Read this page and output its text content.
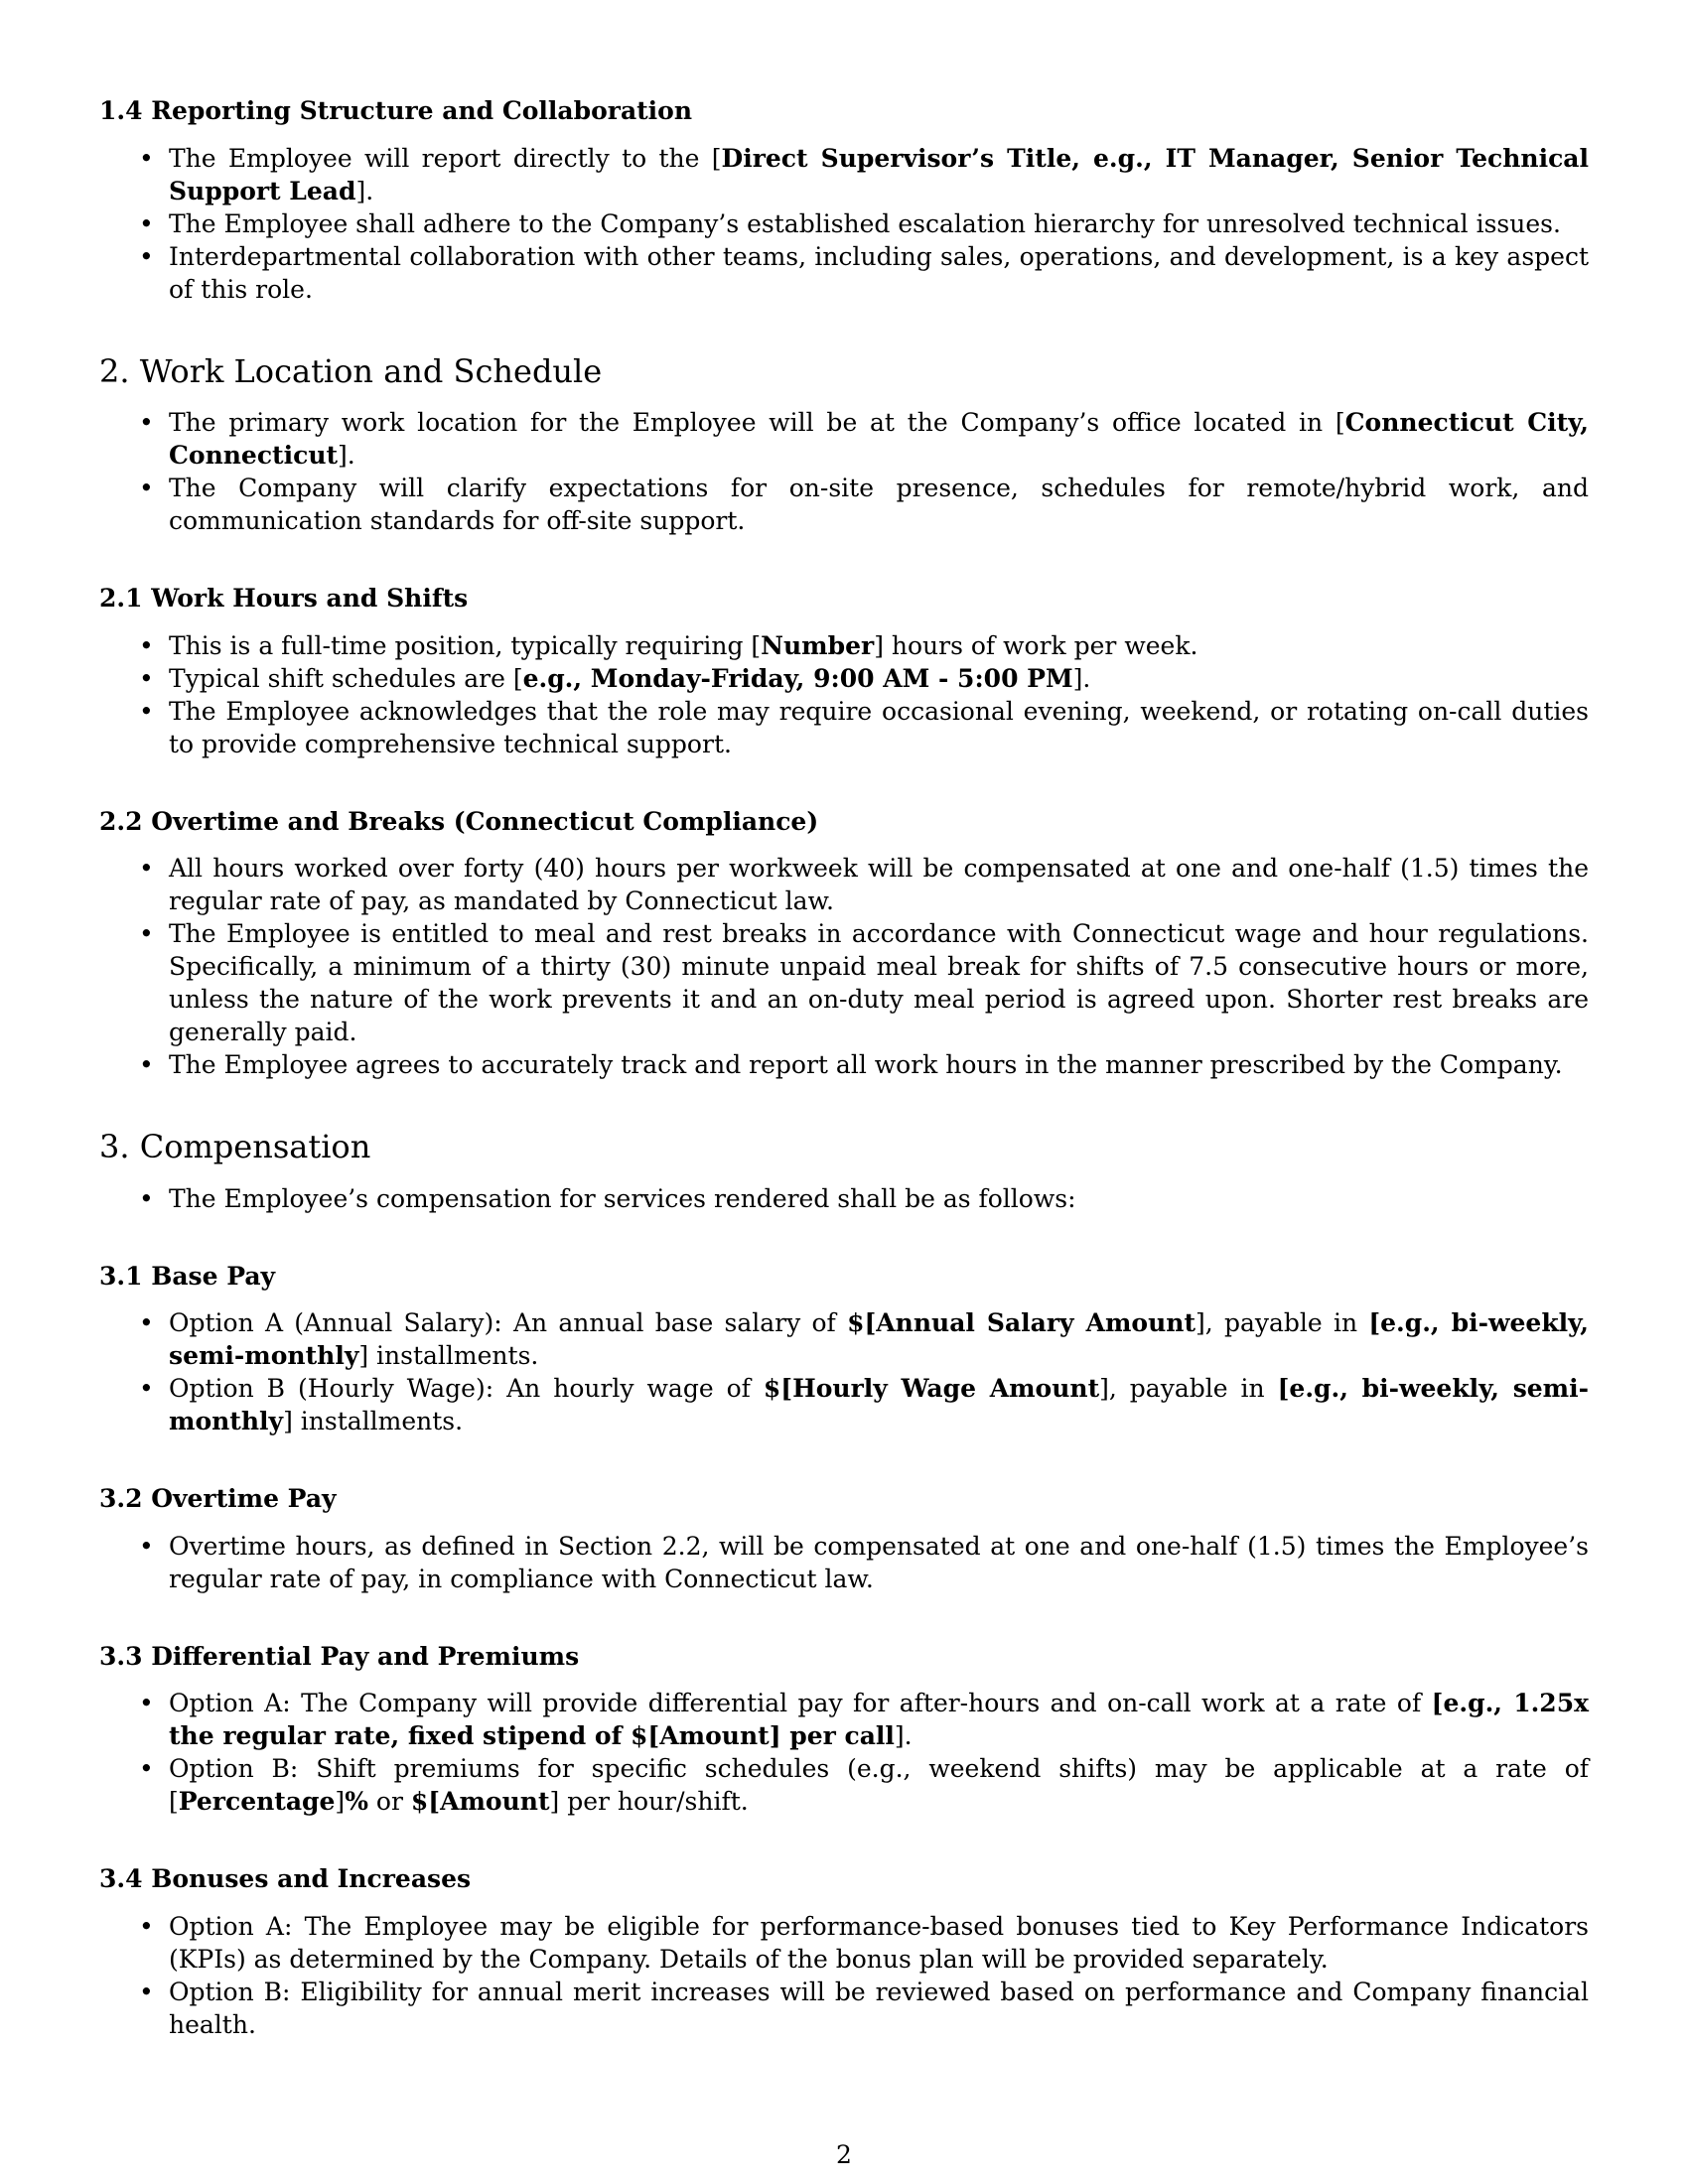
1.4 Reporting Structure and Collaboration
• The Employee will report directly to the [Direct Supervisor’s Title, e.g., IT Manager, Senior Technical Support Lead].
• The Employee shall adhere to the Company’s established escalation hierarchy for unresolved technical issues.
• Interdepartmental collaboration with other teams, including sales, operations, and development, is a key aspect of this role.
2. Work Location and Schedule
• The primary work location for the Employee will be at the Company’s office located in [Connecticut City, Connecticut].
• The Company will clarify expectations for on-site presence, schedules for remote/hybrid work, and communication standards for off-site support.
2.1 Work Hours and Shifts
• This is a full-time position, typically requiring [Number] hours of work per week.
• Typical shift schedules are [e.g., Monday-Friday, 9:00 AM - 5:00 PM].
• The Employee acknowledges that the role may require occasional evening, weekend, or rotating on-call duties to provide comprehensive technical support.
2.2 Overtime and Breaks (Connecticut Compliance)
• All hours worked over forty (40) hours per workweek will be compensated at one and one-half (1.5) times the regular rate of pay, as mandated by Connecticut law.
• The Employee is entitled to meal and rest breaks in accordance with Connecticut wage and hour regulations. Specifically, a minimum of a thirty (30) minute unpaid meal break for shifts of 7.5 consecutive hours or more, unless the nature of the work prevents it and an on-duty meal period is agreed upon. Shorter rest breaks are generally paid.
• The Employee agrees to accurately track and report all work hours in the manner prescribed by the Company.
3. Compensation
• The Employee’s compensation for services rendered shall be as follows:
3.1 Base Pay
• Option A (Annual Salary): An annual base salary of $[Annual Salary Amount], payable in [e.g., bi-weekly, semi-monthly] installments.
• Option B (Hourly Wage): An hourly wage of $[Hourly Wage Amount], payable in [e.g., bi-weekly, semi-monthly] installments.
3.2 Overtime Pay
• Overtime hours, as defined in Section 2.2, will be compensated at one and one-half (1.5) times the Employee’s regular rate of pay, in compliance with Connecticut law.
3.3 Differential Pay and Premiums
• Option A: The Company will provide differential pay for after-hours and on-call work at a rate of [e.g., 1.25x the regular rate, fixed stipend of $[Amount] per call].
• Option B: Shift premiums for specific schedules (e.g., weekend shifts) may be applicable at a rate of [Percentage]% or $[Amount] per hour/shift.
3.4 Bonuses and Increases
• Option A: The Employee may be eligible for performance-based bonuses tied to Key Performance Indicators (KPIs) as determined by the Company. Details of the bonus plan will be provided separately.
• Option B: Eligibility for annual merit increases will be reviewed based on performance and Company financial health.
2
